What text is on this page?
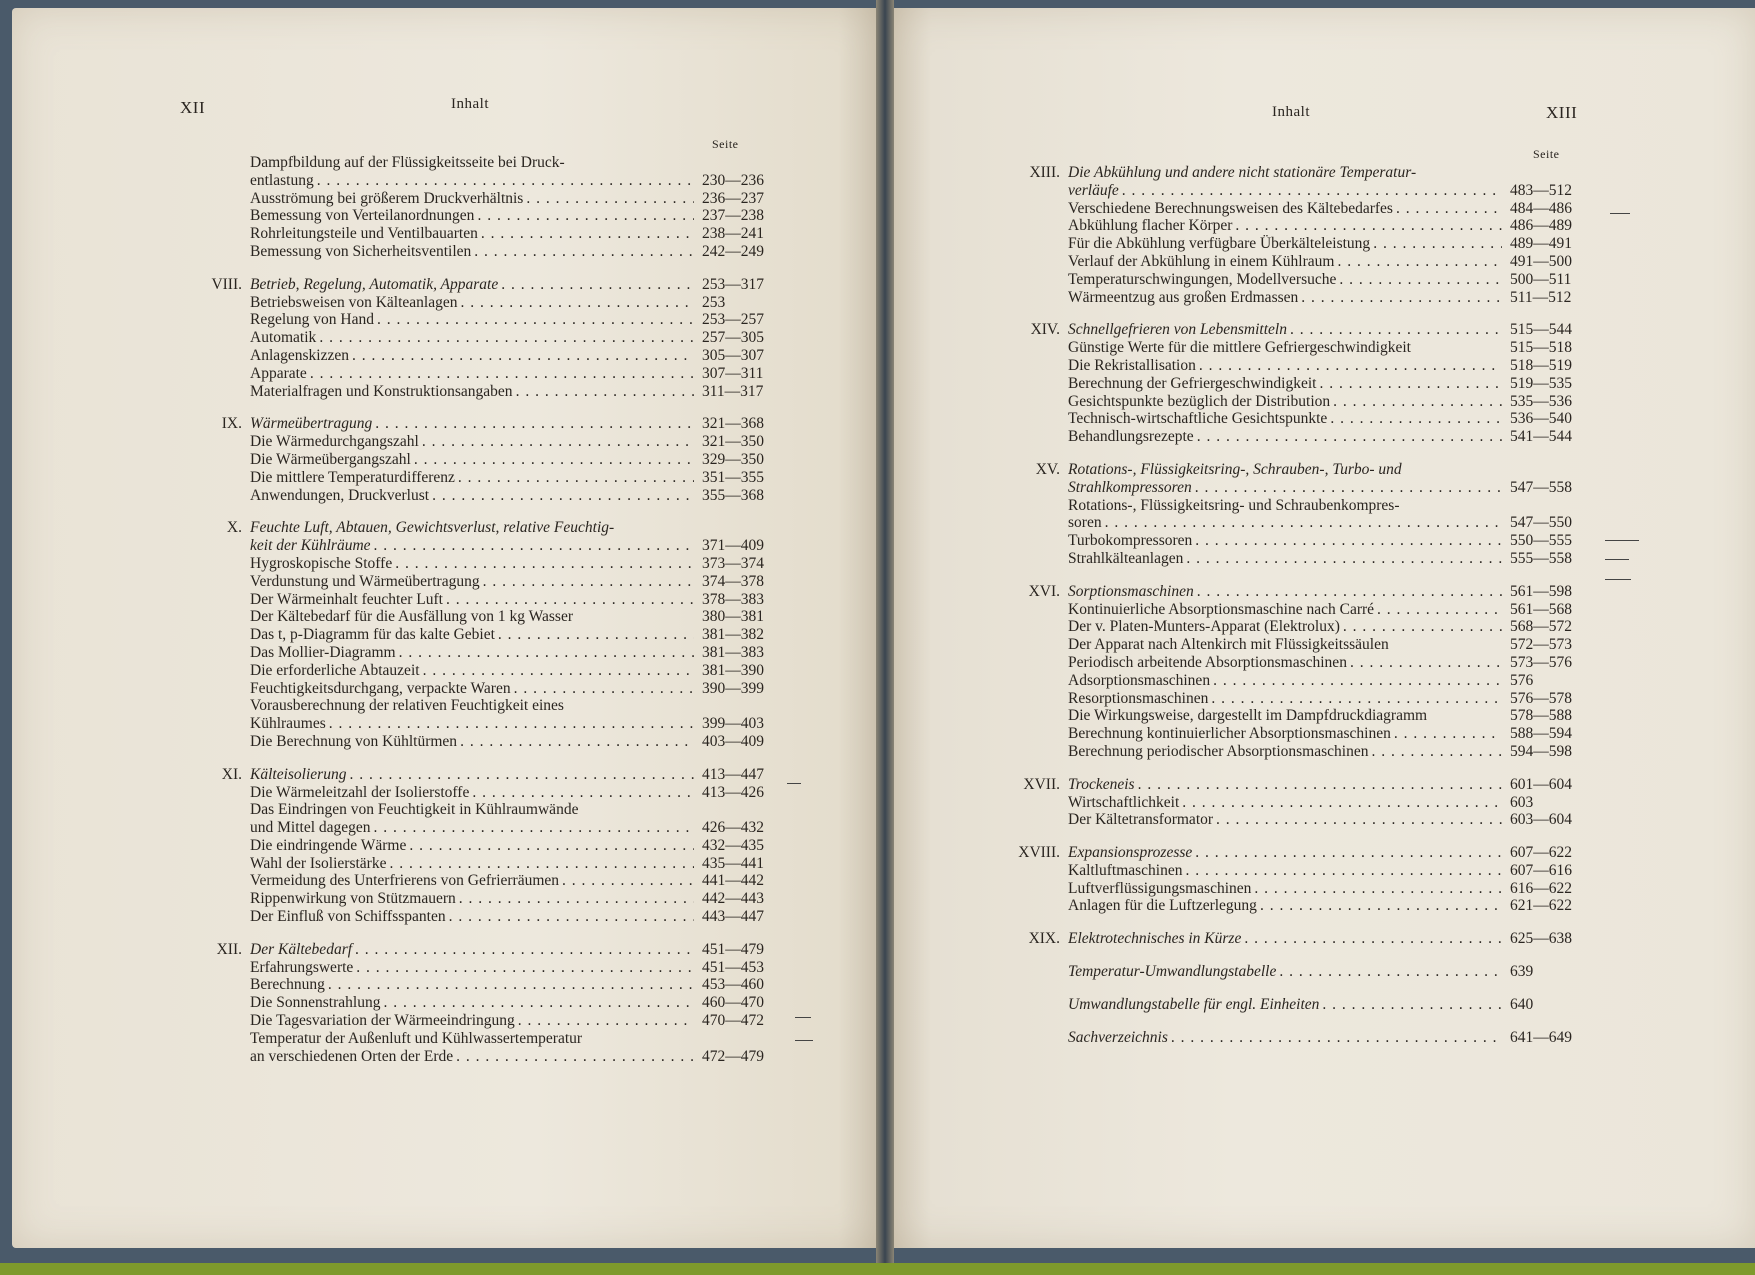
XII	Inhalt
Seite
Inhalt	XIII
Seite
Dampfbildung auf der Flüssigkeitsseite bei Druck-
entlastung . . .	230—236
Ausströmung bei größerem Druckverhältnis . . .	236—237
Bemessung von Verteilanordnungen . . .	237—238
Rohrleitungsteile und Ventilbauarten . . .	238—241
Bemessung von Sicherheitsventilen . . .	242—249
VIII. Betrieb, Regelung, Automatik, Apparate . . .	253—317
Betriebsweisen von Kälteanlagen . . .	253
Regelung von Hand . . .	253—257
Automatik . . .	257—305
Anlagenskizzen . . .	305—307
Apparate . . .	307—311
Materialfragen und Konstruktionsangaben . . .	311—317
IX. Wärmeübertragung . . .	321—368
Die Wärmedurchgangszahl . . .	321—350
Die Wärmeübergangszahl . . .	329—350
Die mittlere Temperaturdifferenz . . .	351—355
Anwendungen, Druckverlust . . .	355—368
X. Feuchte Luft, Abtauen, Gewichtsverlust, relative Feuchtig-
keit der Kühlräume . . .	371—409
Hygroskopische Stoffe . . .	373—374
Verdunstung und Wärmeübertragung . . .	374—378
Der Wärmeinhalt feuchter Luft . . .	378—383
Der Kältebedarf für die Ausfällung von 1 kg Wasser	380—381
Das t, p-Diagramm für das kalte Gebiet . . .	381—382
Das Mollier-Diagramm . . .	381—383
Die erforderliche Abtauzeit . . .	381—390
Feuchtigkeitsdurchgang, verpackte Waren . . .	390—399
Vorausberechnung der relativen Feuchtigkeit eines
Kühlraumes . . .	399—403
Die Berechnung von Kühltürmen . . .	403—409
XI. Kälteisolierung . . .	413—447
Die Wärmeleitzahl der Isolierstoffe . . .	413—426
Das Eindringen von Feuchtigkeit in Kühlraumwände
und Mittel dagegen . . .	426—432
Die eindringende Wärme . . .	432—435
Wahl der Isolierstärke . . .	435—441
Vermeidung des Unterfrierens von Gefrierräumen . . .	441—442
Rippenwirkung von Stützmauern . . .	442—443
Der Einfluß von Schiffsspanten . . .	443—447
XII. Der Kältebedarf . . .	451—479
Erfahrungswerte . . .	451—453
Berechnung . . .	453—460
Die Sonnenstrahlung . . .	460—470
Die Tagesvariation der Wärmeeindringung . . .	470—472
Temperatur der Außenluft und Kühlwassertemperatur
an verschiedenen Orten der Erde . . .	472—479
XIII. Die Abkühlung und andere nicht stationäre Temperatur-
verläufe . . .	483—512
Verschiedene Berechnungsweisen des Kältebedarfes . . .	484—486
Abkühlung flacher Körper . . .	486—489
Für die Abkühlung verfügbare Überkälteleistung . . .	489—491
Verlauf der Abkühlung in einem Kühlraum . . .	491—500
Temperaturschwingungen, Modellversuche . . .	500—511
Wärmeentzug aus großen Erdmassen . . .	511—512
XIV. Schnellgefrieren von Lebensmitteln . . .	515—544
Günstige Werte für die mittlere Gefriergeschwindigkeit	515—518
Die Rekristallisation . . .	518—519
Berechnung der Gefriergeschwindigkeit . . .	519—535
Gesichtspunkte bezüglich der Distribution . . .	535—536
Technisch-wirtschaftliche Gesichtspunkte . . .	536—540
Behandlungsrezepte . . .	541—544
XV. Rotations-, Flüssigkeitsring-, Schrauben-, Turbo- und
Strahlkompressoren . . .	547—558
Rotations-, Flüssigkeitsring- und Schraubenkompres-
soren . . .	547—550
Turbokompressoren . . .	550—555
Strahlkälteanlagen . . .	555—558
XVI. Sorptionsmaschinen . . .	561—598
Kontinuierliche Absorptionsmaschine nach Carré . . .	561—568
Der v. Platen-Munters-Apparat (Elektrolux) . . .	568—572
Der Apparat nach Altenkirch mit Flüssigkeitssäulen	572—573
Periodisch arbeitende Absorptionsmaschinen . . .	573—576
Adsorptionsmaschinen . . .	576
Resorptionsmaschinen . . .	576—578
Die Wirkungsweise, dargestellt im Dampfdruckdiagramm	578—588
Berechnung kontinuierlicher Absorptionsmaschinen . . .	588—594
Berechnung periodischer Absorptionsmaschinen . . .	594—598
XVII. Trockeneis . . .	601—604
Wirtschaftlichkeit . . .	603
Der Kältetransformator . . .	603—604
XVIII. Expansionsprozesse . . .	607—622
Kaltluftmaschinen . . .	607—616
Luftverflüssigungsmaschinen . . .	616—622
Anlagen für die Luftzerlegung . . .	621—622
XIX. Elektrotechnisches in Kürze . . .	625—638
Temperatur-Umwandlungstabelle . . .	639
Umwandlungstabelle für engl. Einheiten . . .	640
Sachverzeichnis . . .	641—649
